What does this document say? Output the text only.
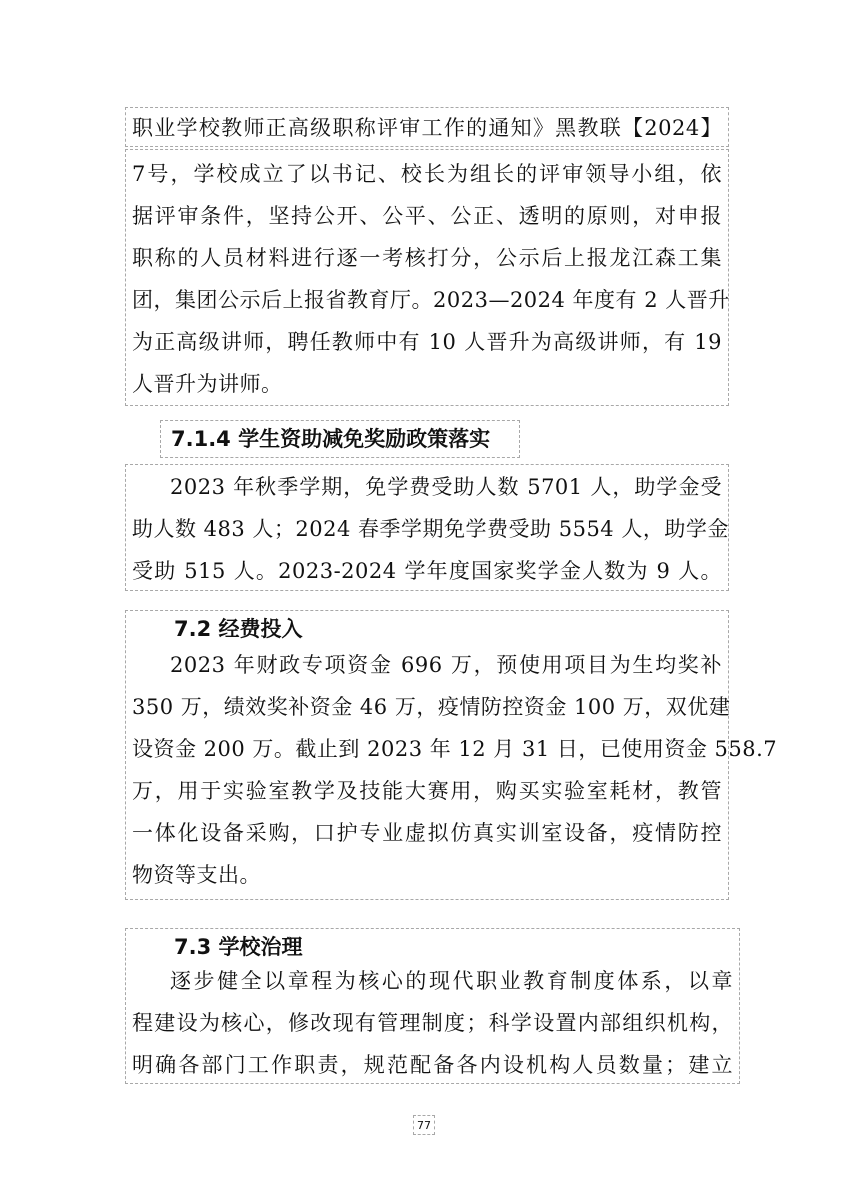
职业学校教师正高级职称评审工作的通知》黑教联【2024】
7号，学校成立了以书记、校长为组长的评审领导小组，依
据评审条件，坚持公开、公平、公正、透明的原则，对申报
职称的人员材料进行逐一考核打分，公示后上报龙江森工集
团，集团公示后上报省教育厅。2023—2024 年度有 2 人晋升
为正高级讲师，聘任教师中有 10 人晋升为高级讲师，有 19
人晋升为讲师。
7.1.4 学生资助减免奖励政策落实
2023 年秋季学期，免学费受助人数 5701 人，助学金受
助人数 483 人；2024 春季学期免学费受助 5554 人，助学金
受助 515 人。2023-2024 学年度国家奖学金人数为 9 人。
7.2 经费投入
2023 年财政专项资金 696 万，预使用项目为生均奖补
350 万，绩效奖补资金 46 万，疫情防控资金 100 万，双优建
设资金 200 万。截止到 2023 年 12 月 31 日，已使用资金 558.7
万，用于实验室教学及技能大赛用，购买实验室耗材，教管
一体化设备采购，口护专业虚拟仿真实训室设备，疫情防控
物资等支出。
7.3 学校治理
逐步健全以章程为核心的现代职业教育制度体系，以章
程建设为核心，修改现有管理制度；科学设置内部组织机构，
明确各部门工作职责，规范配备各内设机构人员数量；建立
77
